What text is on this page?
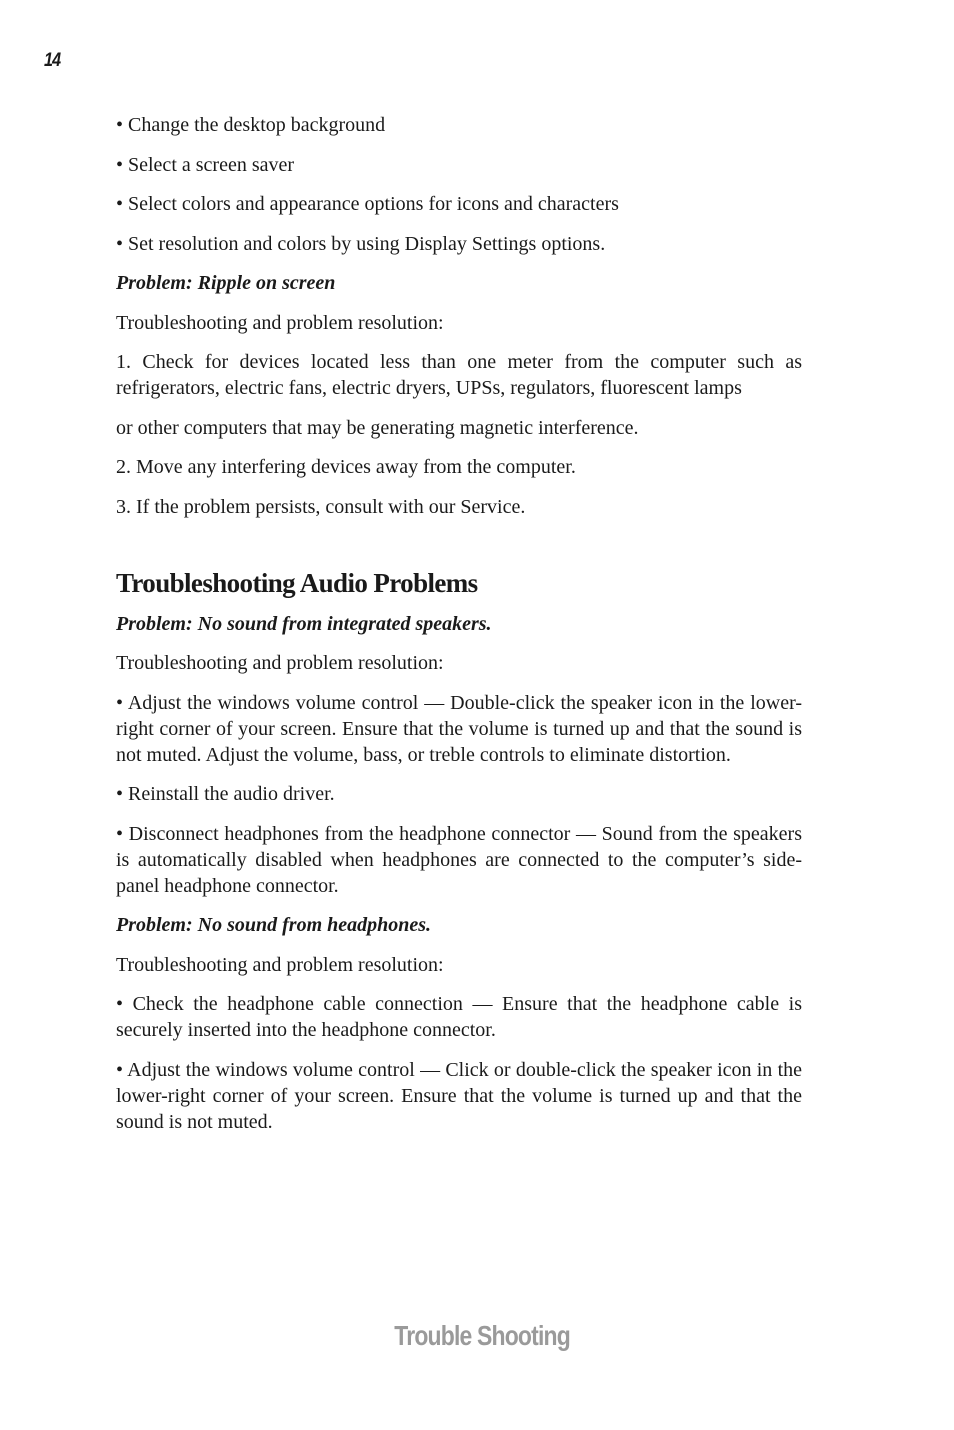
14

• Change the desktop background

• Select a screen saver

• Select colors and appearance options for icons and characters

• Set resolution and colors by using Display Settings options.

Problem: Ripple on screen

Troubleshooting and problem resolution:

1. Check for devices located less than one meter from the computer such as refrigerators, electric fans, electric dryers, UPSs, regulators, fluorescent lamps

or other computers that may be generating magnetic interference.

2. Move any interfering devices away from the computer.

3. If the problem persists, consult with our Service.

Troubleshooting Audio Problems

Problem: No sound from integrated speakers.

Troubleshooting and problem resolution:

• Adjust the windows volume control — Double-click the speaker icon in the lower-right corner of your screen. Ensure that the volume is turned up and that the sound is not muted. Adjust the volume, bass, or treble controls to eliminate distortion.

• Reinstall the audio driver.

• Disconnect headphones from the headphone connector — Sound from the speakers is automatically disabled when headphones are connected to the computer’s side-panel headphone connector.

Problem: No sound from headphones.

Troubleshooting and problem resolution:

• Check the headphone cable connection — Ensure that the headphone cable is securely inserted into the headphone connector.

• Adjust the windows volume control — Click or double-click the speaker icon in the lower-right corner of your screen. Ensure that the volume is turned up and that the sound is not muted.

Trouble Shooting
